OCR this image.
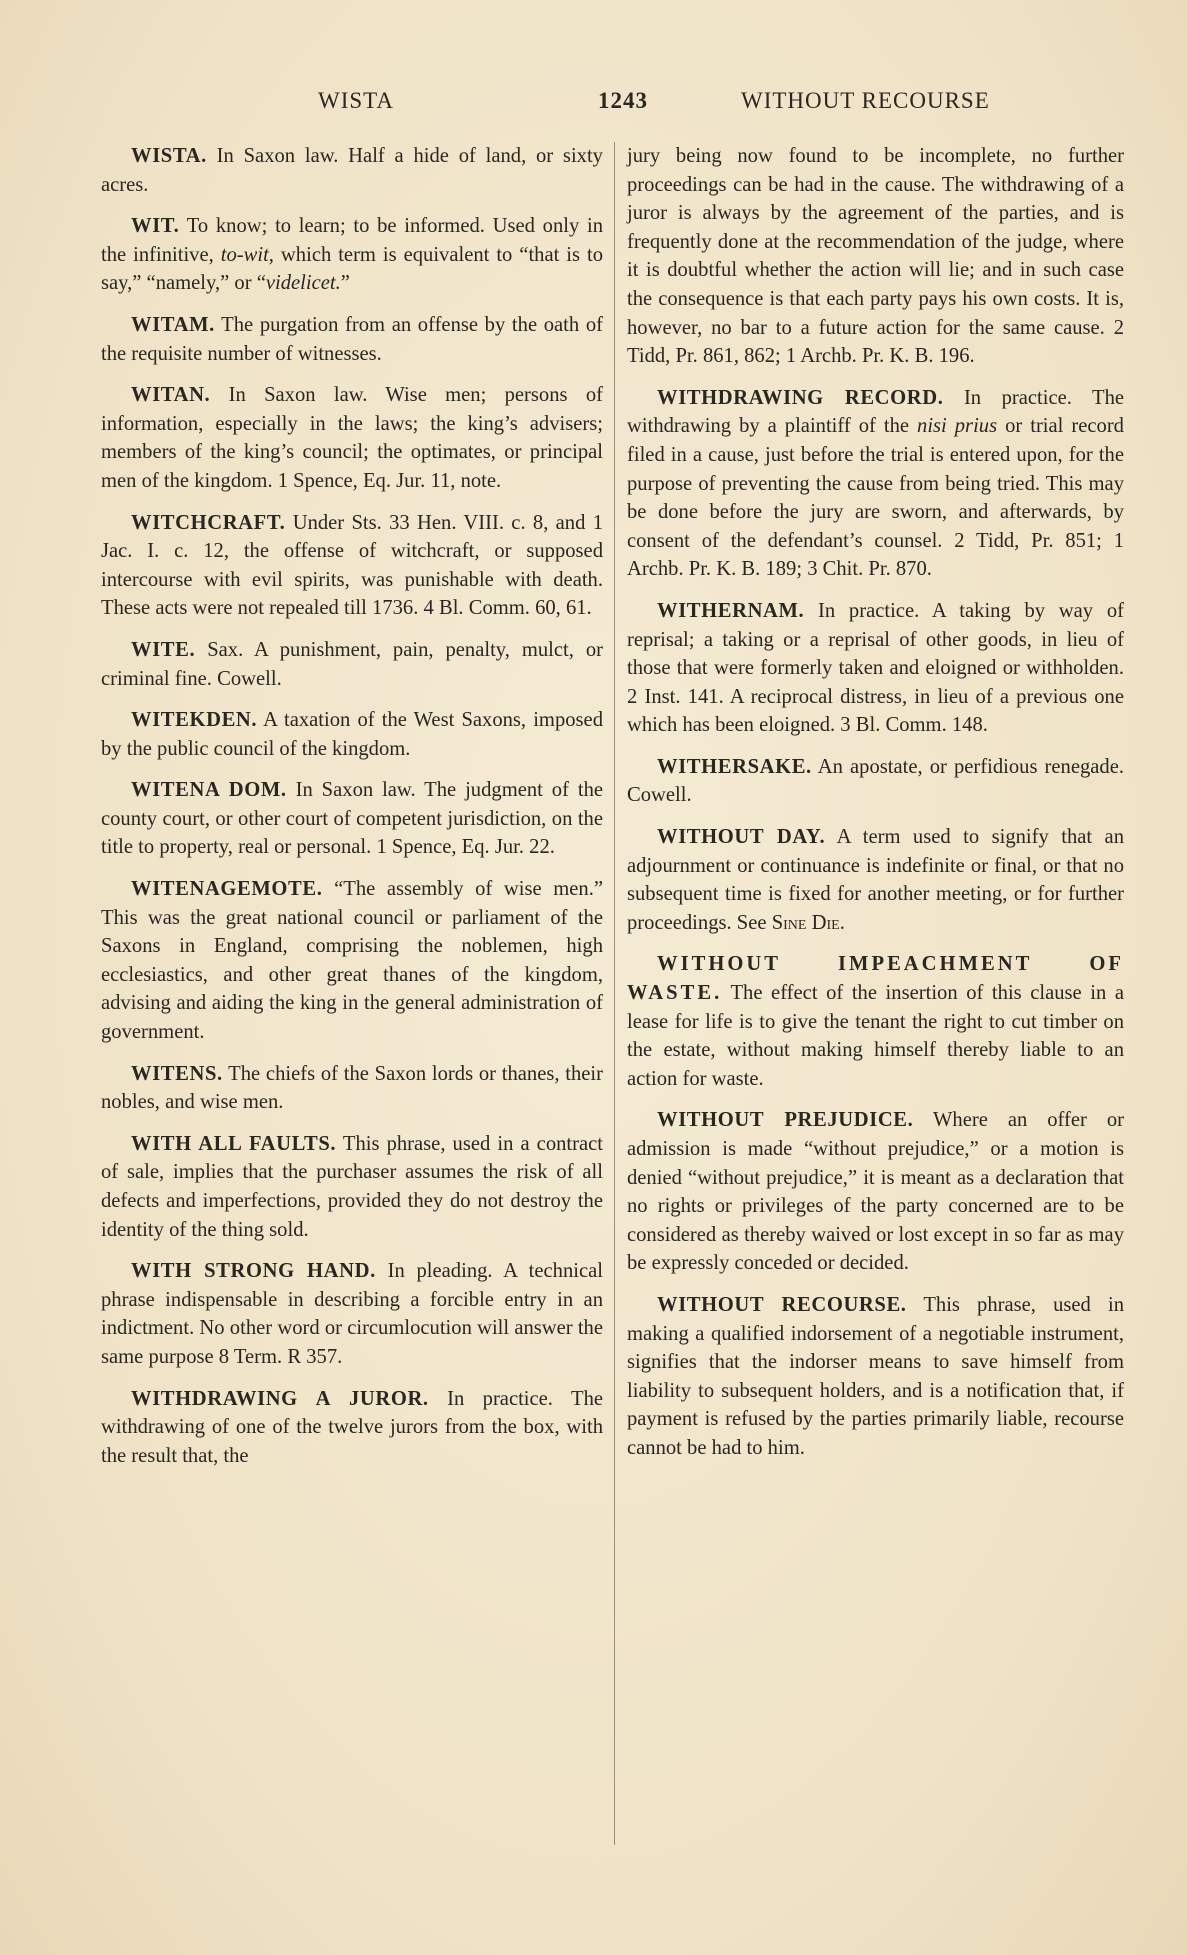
WISTA	1243	WITHOUT RECOURSE

WISTA. In Saxon law. Half a hide of land, or sixty acres.

WIT. To know; to learn; to be informed. Used only in the infinitive, to-wit, which term is equivalent to “that is to say,” “namely,” or “videlicet.”

WITAM. The purgation from an offense by the oath of the requisite number of witnesses.

WITAN. In Saxon law. Wise men; persons of information, especially in the laws; the king’s advisers; members of the king’s council; the optimates, or principal men of the kingdom. 1 Spence, Eq. Jur. 11, note.

WITCHCRAFT. Under Sts. 33 Hen. VIII. c. 8, and 1 Jac. I. c. 12, the offense of witchcraft, or supposed intercourse with evil spirits, was punishable with death. These acts were not repealed till 1736. 4 Bl. Comm. 60, 61.

WITE. Sax. A punishment, pain, penalty, mulct, or criminal fine. Cowell.

WITEKDEN. A taxation of the West Saxons, imposed by the public council of the kingdom.

WITENA DOM. In Saxon law. The judgment of the county court, or other court of competent jurisdiction, on the title to property, real or personal. 1 Spence, Eq. Jur. 22.

WITENAGEMOTE. “The assembly of wise men.” This was the great national council or parliament of the Saxons in England, comprising the noblemen, high ecclesiastics, and other great thanes of the kingdom, advising and aiding the king in the general administration of government.

WITENS. The chiefs of the Saxon lords or thanes, their nobles, and wise men.

WITH ALL FAULTS. This phrase, used in a contract of sale, implies that the purchaser assumes the risk of all defects and imperfections, provided they do not destroy the identity of the thing sold.

WITH STRONG HAND. In pleading. A technical phrase indispensable in describing a forcible entry in an indictment. No other word or circumlocution will answer the same purpose 8 Term. R 357.

WITHDRAWING A JUROR. In practice. The withdrawing of one of the twelve jurors from the box, with the result that, the

jury being now found to be incomplete, no further proceedings can be had in the cause. The withdrawing of a juror is always by the agreement of the parties, and is frequently done at the recommendation of the judge, where it is doubtful whether the action will lie; and in such case the consequence is that each party pays his own costs. It is, however, no bar to a future action for the same cause. 2 Tidd, Pr. 861, 862; 1 Archb. Pr. K. B. 196.

WITHDRAWING RECORD. In practice. The withdrawing by a plaintiff of the nisi prius or trial record filed in a cause, just before the trial is entered upon, for the purpose of preventing the cause from being tried. This may be done before the jury are sworn, and afterwards, by consent of the defendant’s counsel. 2 Tidd, Pr. 851; 1 Archb. Pr. K. B. 189; 3 Chit. Pr. 870.

WITHERNAM. In practice. A taking by way of reprisal; a taking or a reprisal of other goods, in lieu of those that were formerly taken and eloigned or withholden. 2 Inst. 141. A reciprocal distress, in lieu of a previous one which has been eloigned. 3 Bl. Comm. 148.

WITHERSAKE. An apostate, or perfidious renegade. Cowell.

WITHOUT DAY. A term used to signify that an adjournment or continuance is indefinite or final, or that no subsequent time is fixed for another meeting, or for further proceedings. See Sine Die.

WITHOUT IMPEACHMENT OF WASTE. The effect of the insertion of this clause in a lease for life is to give the tenant the right to cut timber on the estate, without making himself thereby liable to an action for waste.

WITHOUT PREJUDICE. Where an offer or admission is made “without prejudice,” or a motion is denied “without prejudice,” it is meant as a declaration that no rights or privileges of the party concerned are to be considered as thereby waived or lost except in so far as may be expressly conceded or decided.

WITHOUT RECOURSE. This phrase, used in making a qualified indorsement of a negotiable instrument, signifies that the indorser means to save himself from liability to subsequent holders, and is a notification that, if payment is refused by the parties primarily liable, recourse cannot be had to him.
